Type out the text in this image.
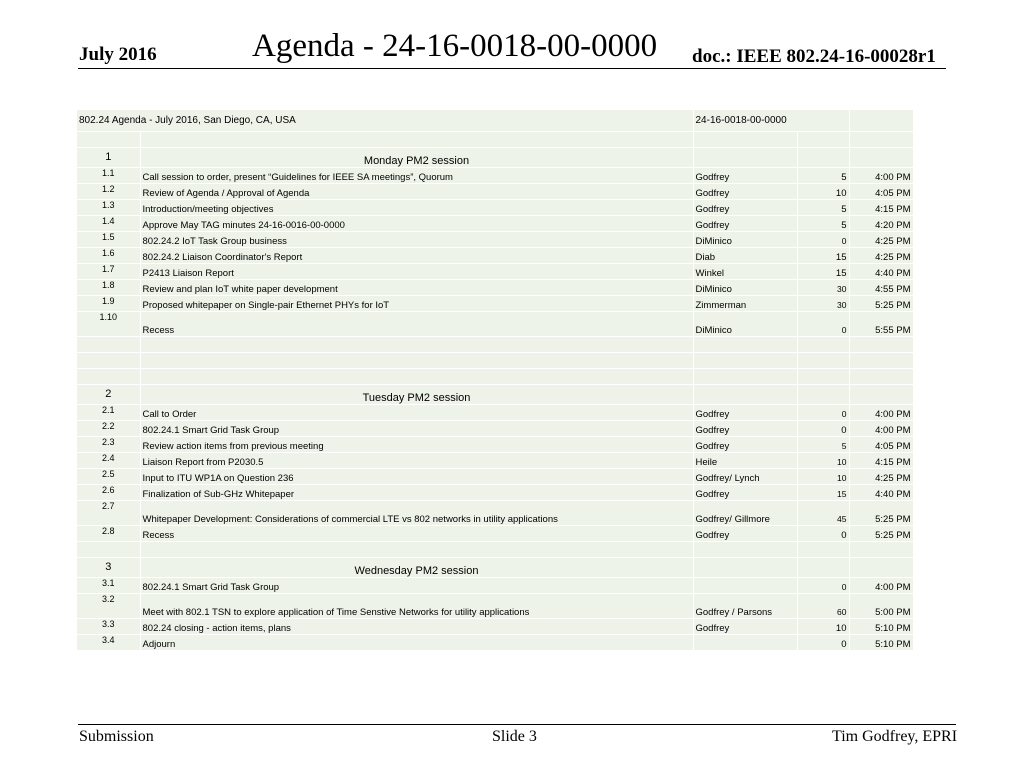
July 2016	Agenda - 24-16-0018-00-0000 doc.: IEEE 802.24-16-00028r1
802.24 Agenda - July 2016, San Diego, CA, USA		24-16-0018-00-0000		

1	Monday PM2 session			
1.1	Call session to order, present “Guidelines for IEEE SA meetings”, Quorum	Godfrey	5	4:00 PM
1.2	Review of Agenda / Approval of Agenda	Godfrey	10	4:05 PM
1.3	Introduction/meeting objectives	Godfrey	5	4:15 PM
1.4	Approve May TAG minutes 24-16-0016-00-0000	Godfrey	5	4:20 PM
1.5	802.24.2 IoT Task Group business	DiMinico	0	4:25 PM
1.6	802.24.2 Liaison Coordinator's Report	Diab	15	4:25 PM
1.7	P2413 Liaison Report	Winkel	15	4:40 PM
1.8	Review and plan IoT white paper development	DiMinico	30	4:55 PM
1.9	Proposed whitepaper on Single-pair Ethernet PHYs for IoT	Zimmerman	30	5:25 PM
1.10	Recess	DiMinico	0	5:55 PM

2	Tuesday PM2 session			
2.1	Call to Order	Godfrey	0	4:00 PM
2.2	802.24.1 Smart Grid Task Group	Godfrey	0	4:00 PM
2.3	Review action items from previous meeting	Godfrey	5	4:05 PM
2.4	Liaison Report from P2030.5	Heile	10	4:15 PM
2.5	Input to ITU WP1A on Question 236	Godfrey/ Lynch	10	4:25 PM
2.6	Finalization of Sub-GHz Whitepaper	Godfrey	15	4:40 PM
2.7	Whitepaper Development: Considerations of commercial LTE vs 802 networks in utility applications	Godfrey/ Gillmore	45	5:25 PM
2.8	Recess	Godfrey	0	5:25 PM

3	Wednesday PM2 session			
3.1	802.24.1 Smart Grid Task Group		0	4:00 PM
3.2	Meet with 802.1 TSN to explore application of Time Senstive Networks for utility applications	Godfrey / Parsons	60	5:00 PM
3.3	802.24 closing - action items, plans	Godfrey	10	5:10 PM
3.4	Adjourn		0	5:10 PM
Submission	Slide 3	Tim Godfrey, EPRI
